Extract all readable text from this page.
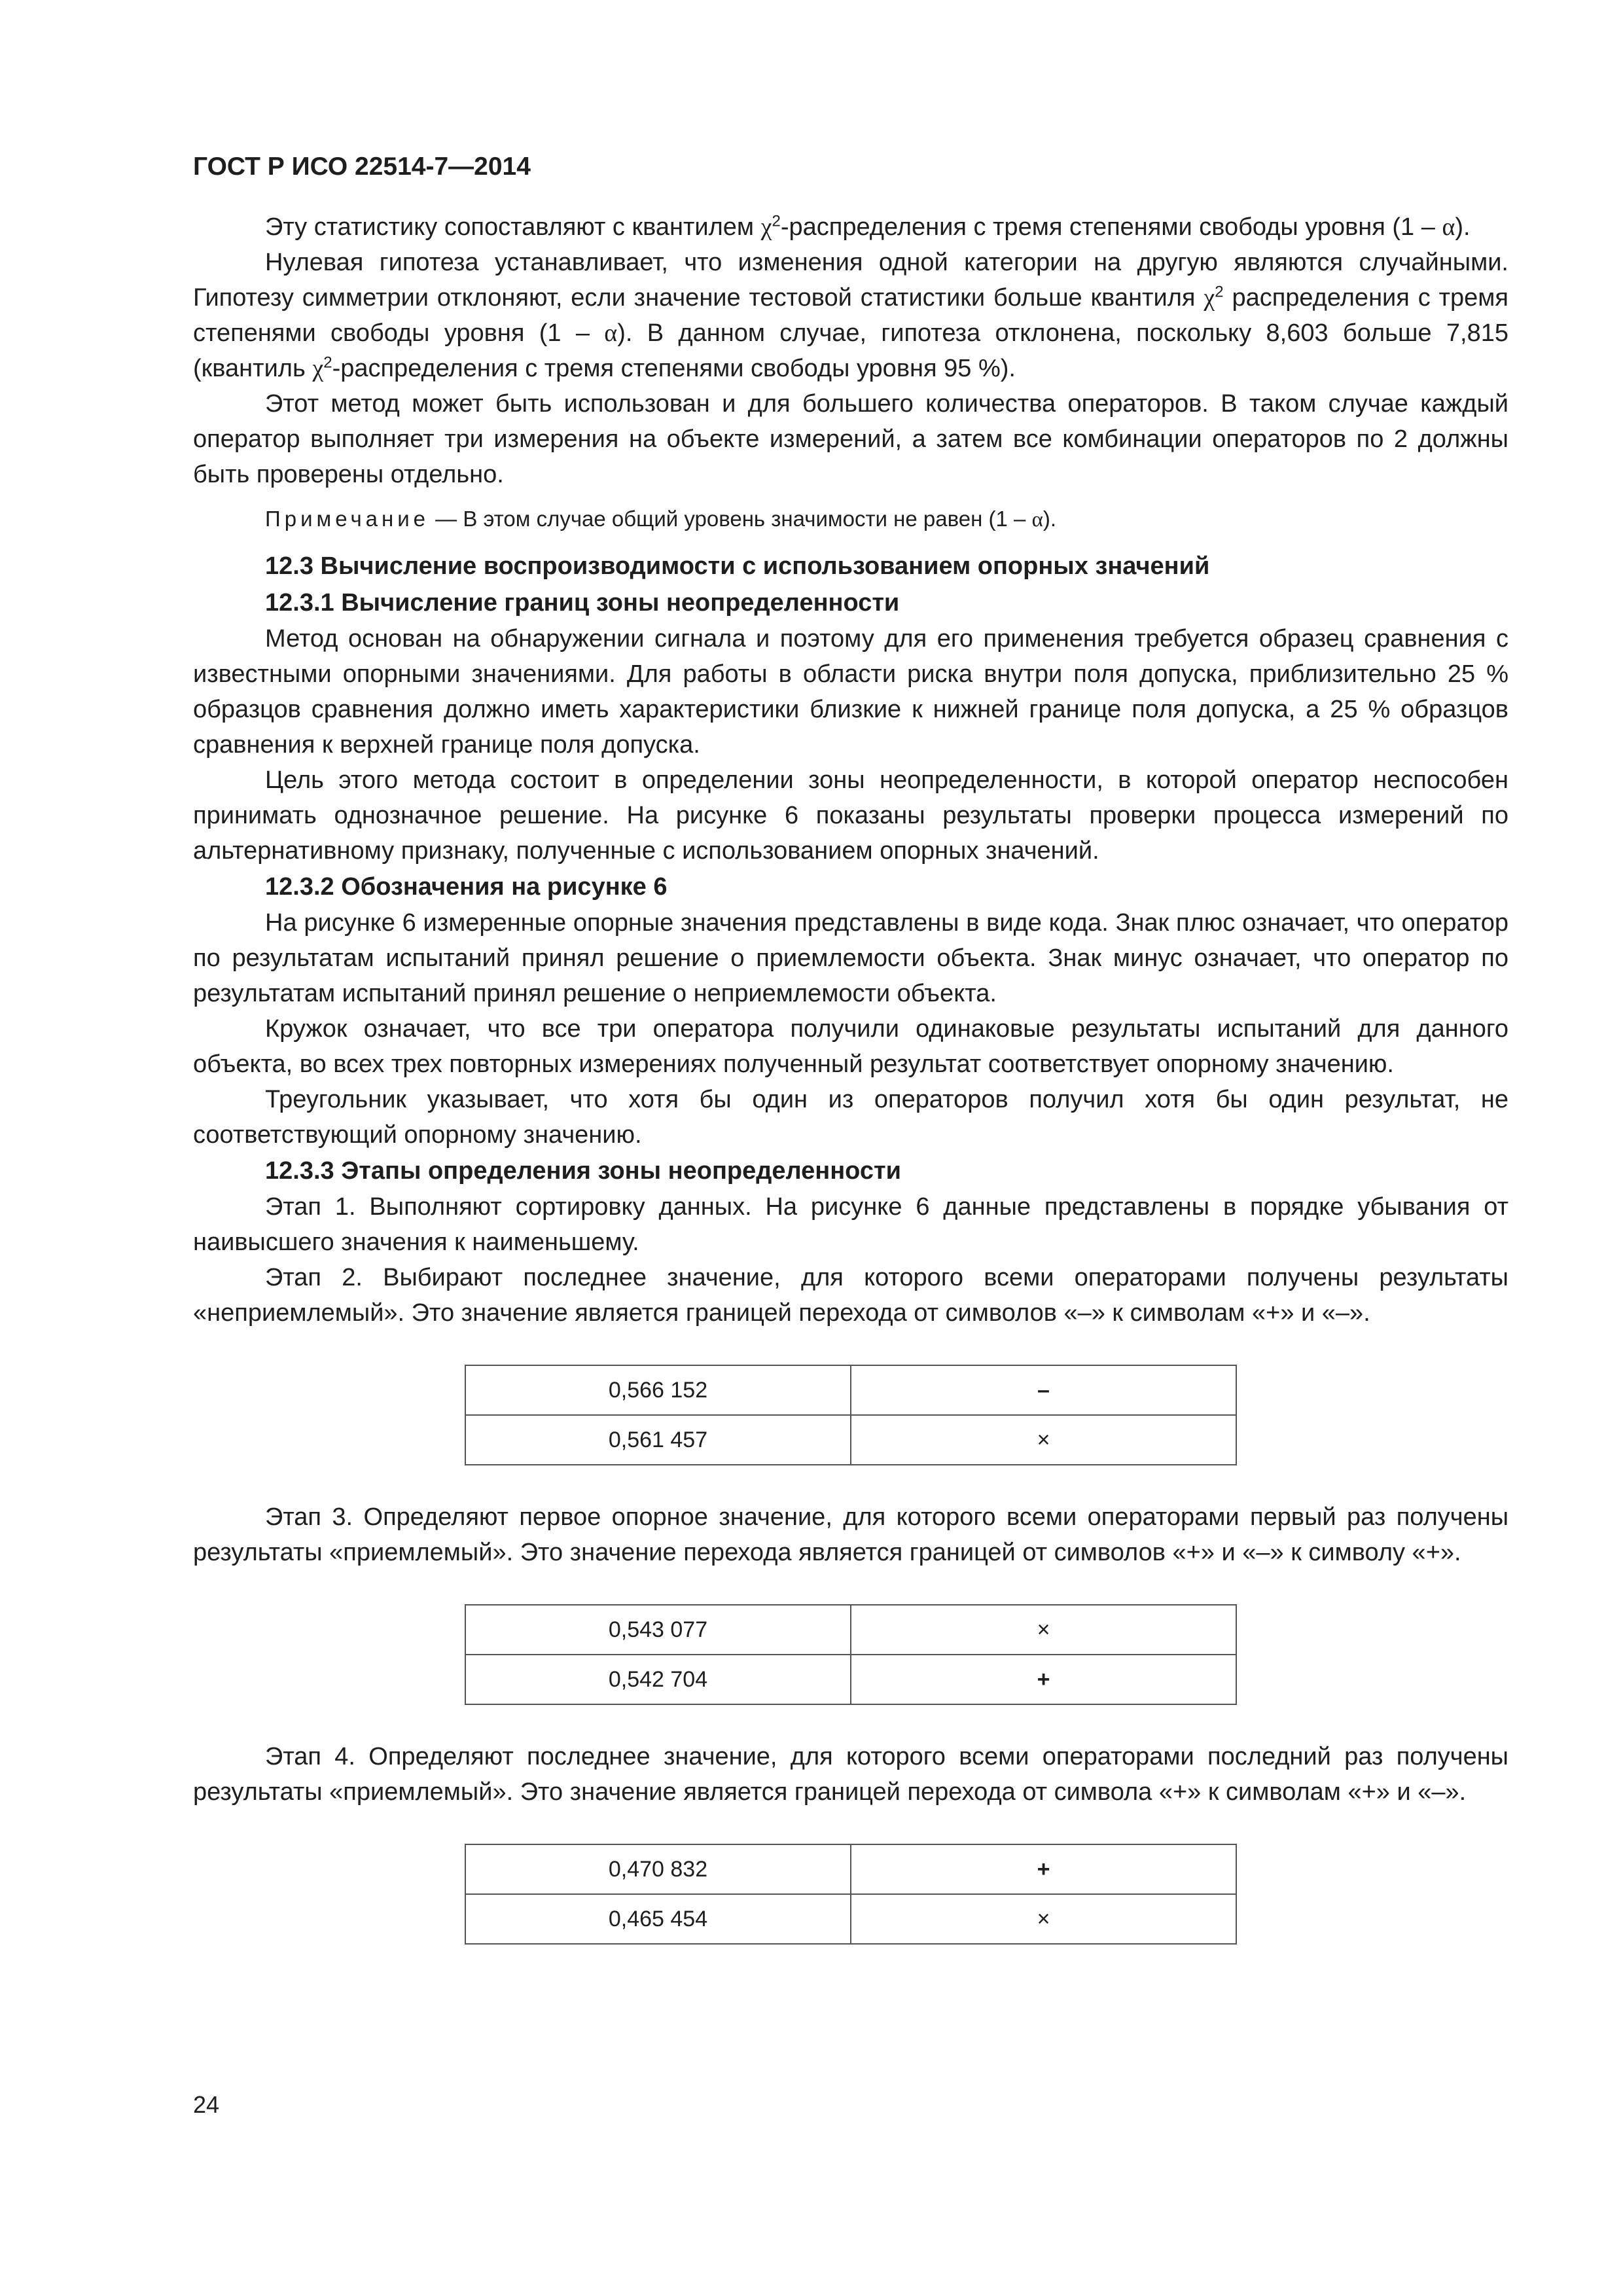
ГОСТ Р ИСО 22514-7—2014

Эту статистику сопоставляют с квантилем $\chi^2$-распределения с тремя степенями свободы уровня (1 – α).

Нулевая гипотеза устанавливает, что изменения одной категории на другую являются случайными. Гипотезу симметрии отклоняют, если значение тестовой статистики больше квантиля $\chi^2$ распределения с тремя степенями свободы уровня (1 – α). В данном случае, гипотеза отклонена, поскольку 8,603 больше 7,815 (квантиль $\chi^2$-распределения с тремя степенями свободы уровня 95 %).

Этот метод может быть использован и для большего количества операторов. В таком случае каждый оператор выполняет три измерения на объекте измерений, а затем все комбинации операторов по 2 должны быть проверены отдельно.

Примечание — В этом случае общий уровень значимости не равен (1 – α).
12.3 Вычисление воспроизводимости с использованием опорных значений
12.3.1 Вычисление границ зоны неопределенности

Метод основан на обнаружении сигнала и поэтому для его применения требуется образец сравнения с известными опорными значениями. Для работы в области риска внутри поля допуска, приблизительно 25 % образцов сравнения должно иметь характеристики близкие к нижней границе поля допуска, а 25 % образцов сравнения к верхней границе поля допуска.

Цель этого метода состоит в определении зоны неопределенности, в которой оператор неспособен принимать однозначное решение. На рисунке 6 показаны результаты проверки процесса измерений по альтернативному признаку, полученные с использованием опорных значений.

12.3.2 Обозначения на рисунке 6

На рисунке 6 измеренные опорные значения представлены в виде кода. Знак плюс означает, что оператор по результатам испытаний принял решение о приемлемости объекта. Знак минус означает, что оператор по результатам испытаний принял решение о неприемлемости объекта.

Кружок означает, что все три оператора получили одинаковые результаты испытаний для данного объекта, во всех трех повторных измерениях полученный результат соответствует опорному значению.

Треугольник указывает, что хотя бы один из операторов получил хотя бы один результат, не соответствующий опорному значению.

12.3.3 Этапы определения зоны неопределенности

Этап 1. Выполняют сортировку данных. На рисунке 6 данные представлены в порядке убывания от наивысшего значения к наименьшему.

Этап 2. Выбирают последнее значение, для которого всеми операторами получены результаты «неприемлемый». Это значение является границей перехода от символов «–» к символам «+» и «–».

0,566 152	–
0,561 457	×

Этап 3. Определяют первое опорное значение, для которого всеми операторами первый раз получены результаты «приемлемый». Это значение перехода является границей от символов «+» и «–» к символу «+».

0,543 077	×
0,542 704	+

Этап 4. Определяют последнее значение, для которого всеми операторами последний раз получены результаты «приемлемый». Это значение является границей перехода от символа «+» к символам «+» и «–».

0,470 832	+
0,465 454	×
24
